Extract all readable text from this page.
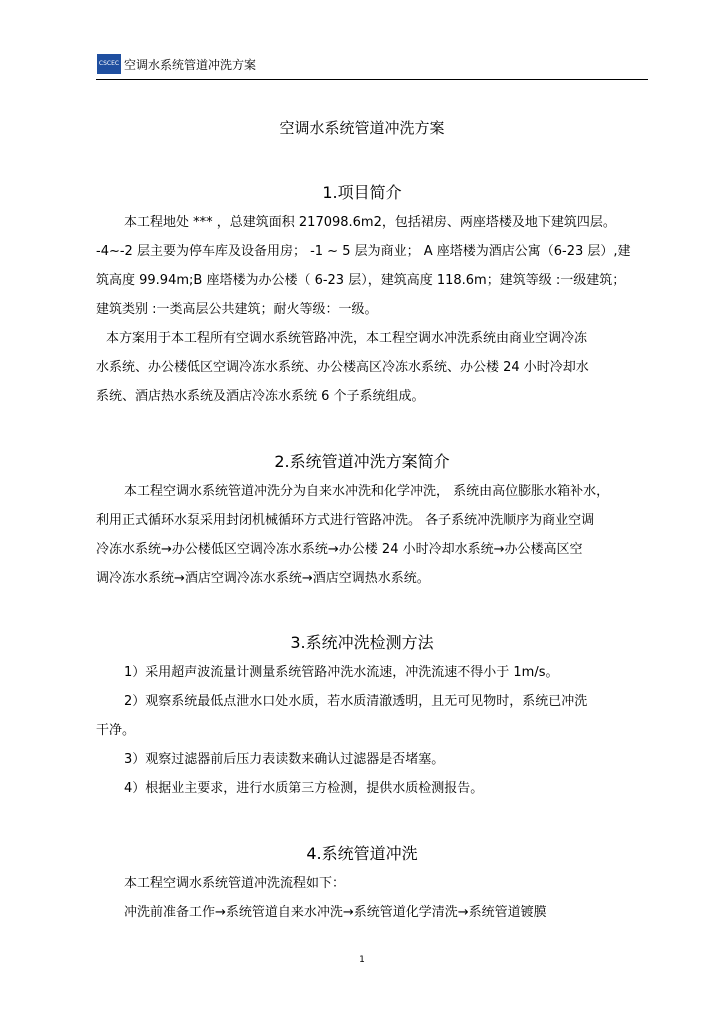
CSCEC 空调水系统管道冲洗方案
空调水系统管道冲洗方案
1.项目简介
本工程地处 *** ，总建筑面积 217098.6m2，包括裙房、两座塔楼及地下建筑四层。
-4~-2 层主要为停车库及设备用房； -1 ~ 5 层为商业； A 座塔楼为酒店公寓（6-23 层）,建
筑高度 99.94m;B 座塔楼为办公楼（ 6-23 层），建筑高度 118.6m；建筑等级 :一级建筑；
建筑类别 :一类高层公共建筑；耐火等级：一级。
本方案用于本工程所有空调水系统管路冲洗，本工程空调水冲洗系统由商业空调冷冻
水系统、办公楼低区空调冷冻水系统、办公楼高区冷冻水系统、办公楼 24 小时冷却水
系统、酒店热水系统及酒店冷冻水系统 6 个子系统组成。
2.系统管道冲洗方案简介
本工程空调水系统管道冲洗分为自来水冲洗和化学冲洗， 系统由高位膨胀水箱补水，
利用正式循环水泵采用封闭机械循环方式进行管路冲洗。 各子系统冲洗顺序为商业空调
冷冻水系统→办公楼低区空调冷冻水系统→办公楼 24 小时冷却水系统→办公楼高区空
调冷冻水系统→酒店空调冷冻水系统→酒店空调热水系统。
3.系统冲洗检测方法
1）采用超声波流量计测量系统管路冲洗水流速，冲洗流速不得小于 1m/s。
2）观察系统最低点泄水口处水质，若水质清澈透明，且无可见物时，系统已冲洗
干净。
3）观察过滤器前后压力表读数来确认过滤器是否堵塞。
4）根据业主要求，进行水质第三方检测，提供水质检测报告。
4.系统管道冲洗
本工程空调水系统管道冲洗流程如下：
冲洗前准备工作→系统管道自来水冲洗→系统管道化学清洗→系统管道镀膜
1
